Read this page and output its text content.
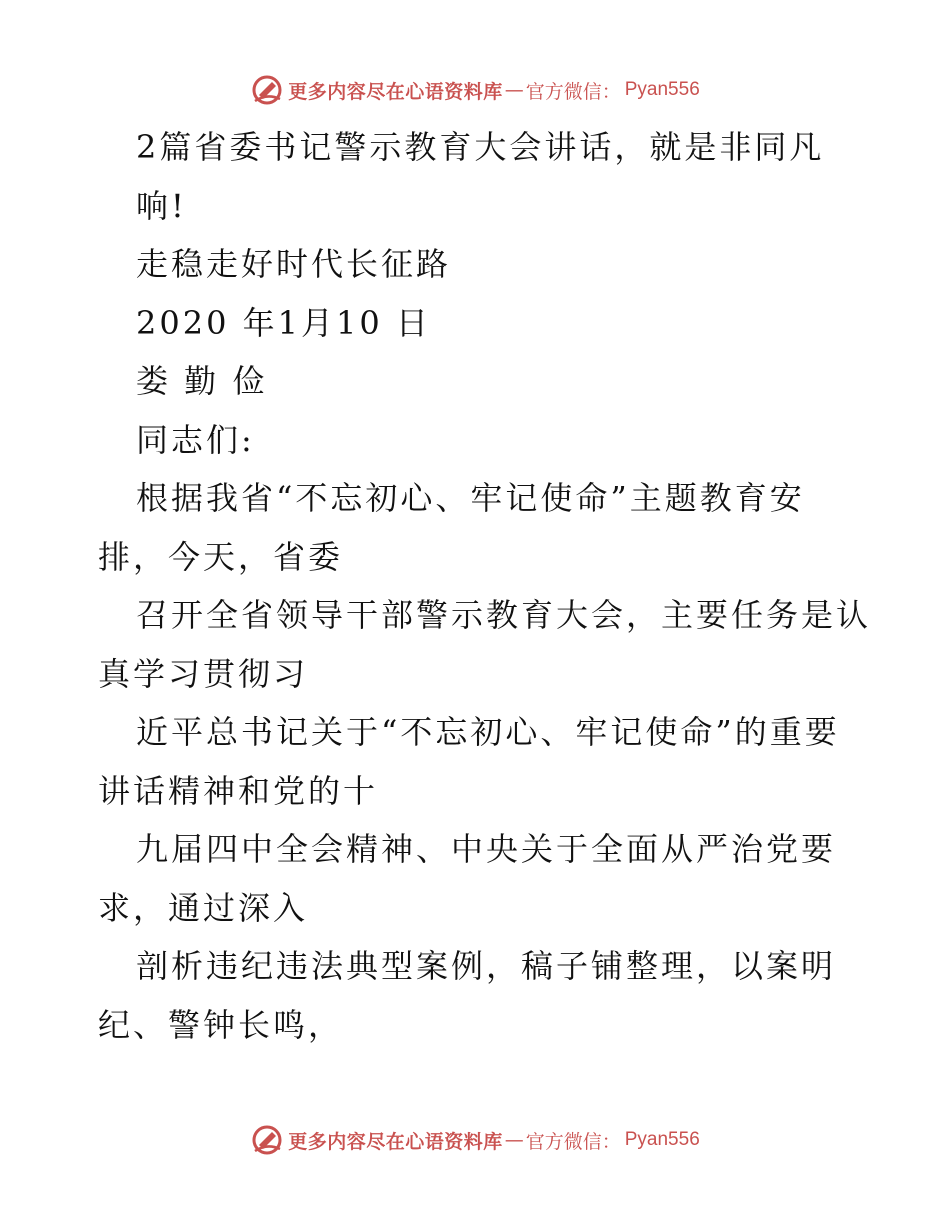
更多内容尽在心语资料库 — 官方微信： Pyan556
2篇省委书记警示教育大会讲话，就是非同凡
响!
走稳走好时代长征路
2020 年1月10 日
娄 勤 俭
同志们:
根据我省“不忘初心、牢记使命”主题教育安
排，今天，省委
召开全省领导干部警示教育大会，主要任务是认
真学习贯彻习
近平总书记关于“不忘初心、牢记使命”的重要
讲话精神和党的十
九届四中全会精神、中央关于全面从严治党要
求，通过深入
剖析违纪违法典型案例，稿子铺整理，以案明
纪、警钟长鸣，
更多内容尽在心语资料库 — 官方微信： Pyan556
